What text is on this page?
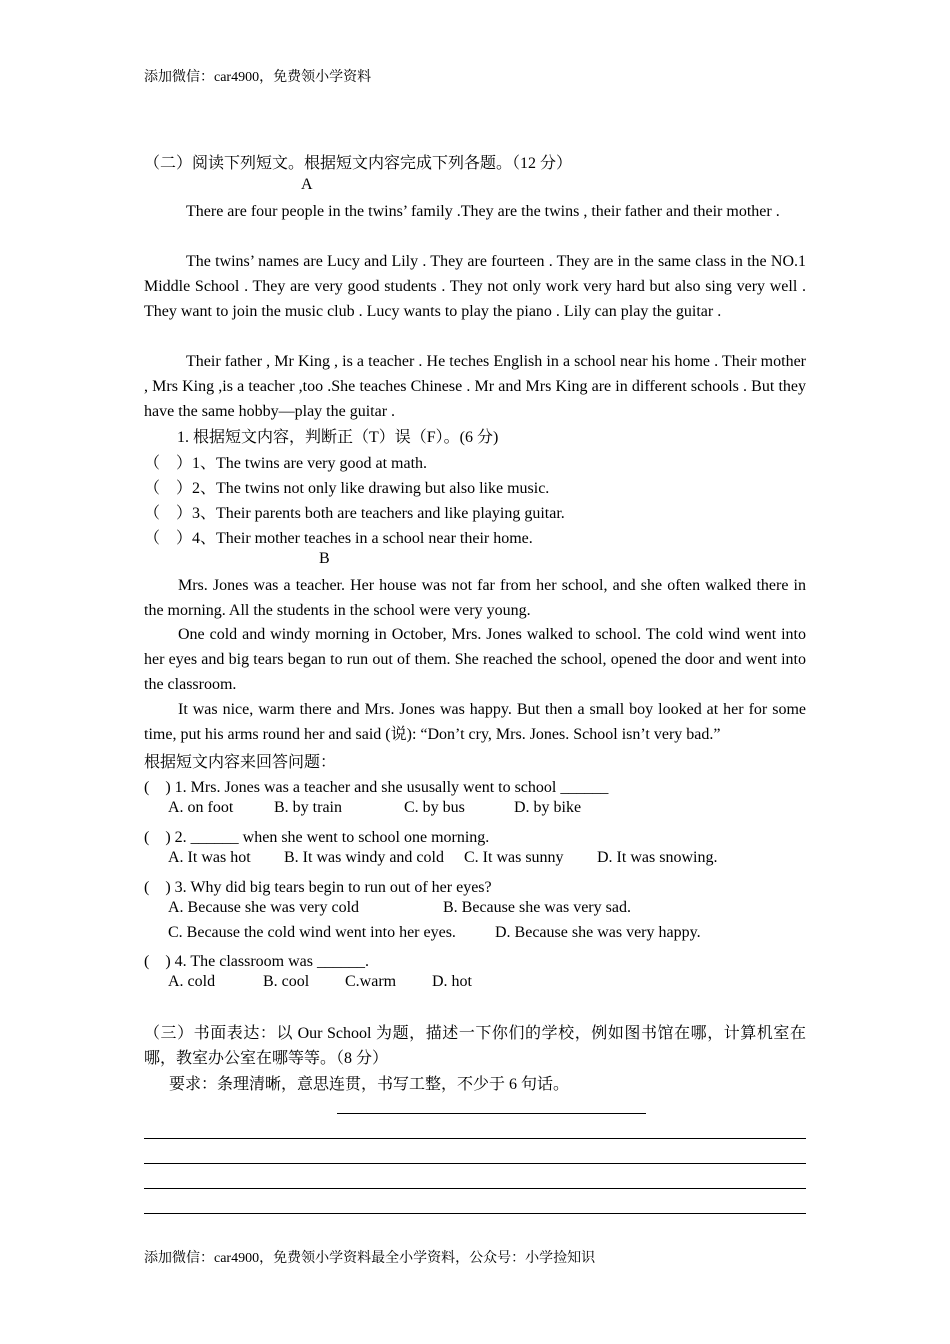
添加微信：car4900，免费领小学资料
（二）阅读下列短文。根据短文内容完成下列各题。（12 分）
A
There are four people in the twins’ family .They are the twins , their father and their mother .
The twins’ names are Lucy and Lily . They are fourteen . They are in the same class in the NO.1 Middle School . They are very good students . They not only work very hard but also sing very well . They want to join the music club . Lucy wants to play the piano . Lily can play the guitar .
Their father , Mr King , is a teacher . He teches English in a school near his home . Their mother , Mrs King ,is a teacher ,too .She teaches Chinese . Mr and Mrs King are in different schools . But they have the same hobby—play the guitar .
1. 根据短文内容，判断正（T）误（F）。(6 分)
（　）1、The twins are very good at math.
（　）2、The twins not only like drawing but also like music.
（　）3、Their parents both are teachers and like playing guitar.
（　）4、Their mother teaches in a school near their home.
B
Mrs. Jones was a teacher. Her house was not far from her school, and she often walked there in the morning. All the students in the school were very young.
One cold and windy morning in October, Mrs. Jones walked to school. The cold wind went into her eyes and big tears began to run out of them. She reached the school, opened the door and went into the classroom.
It was nice, warm there and Mrs. Jones was happy. But then a small boy looked at her for some time, put his arms round her and said (说): “Don’t cry, Mrs. Jones. School isn’t very bad.”
根据短文内容来回答问题：
(　) 1. Mrs. Jones was a teacher and she ususally went to school ______
A. on foot	B. by train	C. by bus	D. by bike
(　) 2. ______ when she went to school one morning.
A. It was hot B. It was windy and cold C. It was sunny D. It was snowing.
(　) 3. Why did big tears begin to run out of her eyes?
A. Because she was very cold	B. Because she was very sad.
C. Because the cold wind went into her eyes. D. Because she was very happy.
(　) 4. The classroom was ______.
A. cold	B. cool C.warm D. hot
（三）书面表达：以 Our School 为题，描述一下你们的学校，例如图书馆在哪，计算机室在哪，教室办公室在哪等等。（8 分）
要求：条理清晰，意思连贯，书写工整，不少于 6 句话。
添加微信：car4900，免费领小学资料最全小学资料，公众号：小学捡知识
